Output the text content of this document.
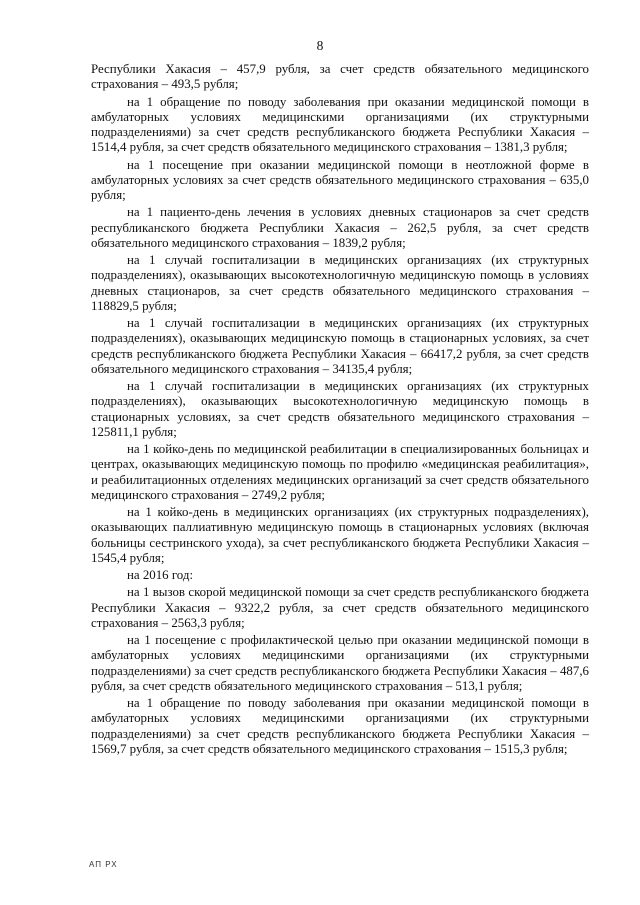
8

Республики Хакасия – 457,9 рубля, за счет средств обязательного медицинского страхования – 493,5 рубля;

на 1 обращение по поводу заболевания при оказании медицинской помощи в амбулаторных условиях медицинскими организациями (их структурными подразделениями) за счет средств республиканского бюджета Республики Хакасия – 1514,4 рубля, за счет средств обязательного медицинского страхования – 1381,3 рубля;

на 1 посещение при оказании медицинской помощи в неотложной форме в амбулаторных условиях за счет средств обязательного медицинского страхования – 635,0 рубля;

на 1 пациенто-день лечения в условиях дневных стационаров за счет средств республиканского бюджета Республики Хакасия – 262,5 рубля, за счет средств обязательного медицинского страхования – 1839,2 рубля;

на 1 случай госпитализации в медицинских организациях (их структурных подразделениях), оказывающих высокотехнологичную медицинскую помощь в условиях дневных стационаров, за счет средств обязательного медицинского страхования – 118829,5 рубля;

на 1 случай госпитализации в медицинских организациях (их структурных подразделениях), оказывающих медицинскую помощь в стационарных условиях, за счет средств республиканского бюджета Республики Хакасия – 66417,2 рубля, за счет средств обязательного медицинского страхования – 34135,4 рубля;

на 1 случай госпитализации в медицинских организациях (их структурных подразделениях), оказывающих высокотехнологичную медицинскую помощь в стационарных условиях, за счет средств обязательного медицинского страхования – 125811,1 рубля;

на 1 койко-день по медицинской реабилитации в специализированных больницах и центрах, оказывающих медицинскую помощь по профилю «медицинская реабилитация», и реабилитационных отделениях медицинских организаций за счет средств обязательного медицинского страхования – 2749,2 рубля;

на 1 койко-день в медицинских организациях (их структурных подразделениях), оказывающих паллиативную медицинскую помощь в стационарных условиях (включая больницы сестринского ухода), за счет республиканского бюджета Республики Хакасия – 1545,4 рубля;

на 2016 год:

на 1 вызов скорой медицинской помощи за счет средств республиканского бюджета Республики Хакасия – 9322,2 рубля, за счет средств обязательного медицинского страхования – 2563,3 рубля;

на 1 посещение с профилактической целью при оказании медицинской помощи в амбулаторных условиях медицинскими организациями (их структурными подразделениями) за счет средств республиканского бюджета Республики Хакасия – 487,6 рубля, за счет средств обязательного медицинского страхования – 513,1 рубля;

на 1 обращение по поводу заболевания при оказании медицинской помощи в амбулаторных условиях медицинскими организациями (их структурными подразделениями) за счет средств республиканского бюджета Республики Хакасия – 1569,7 рубля, за счет средств обязательного медицинского страхования – 1515,3 рубля;

АП РХ
